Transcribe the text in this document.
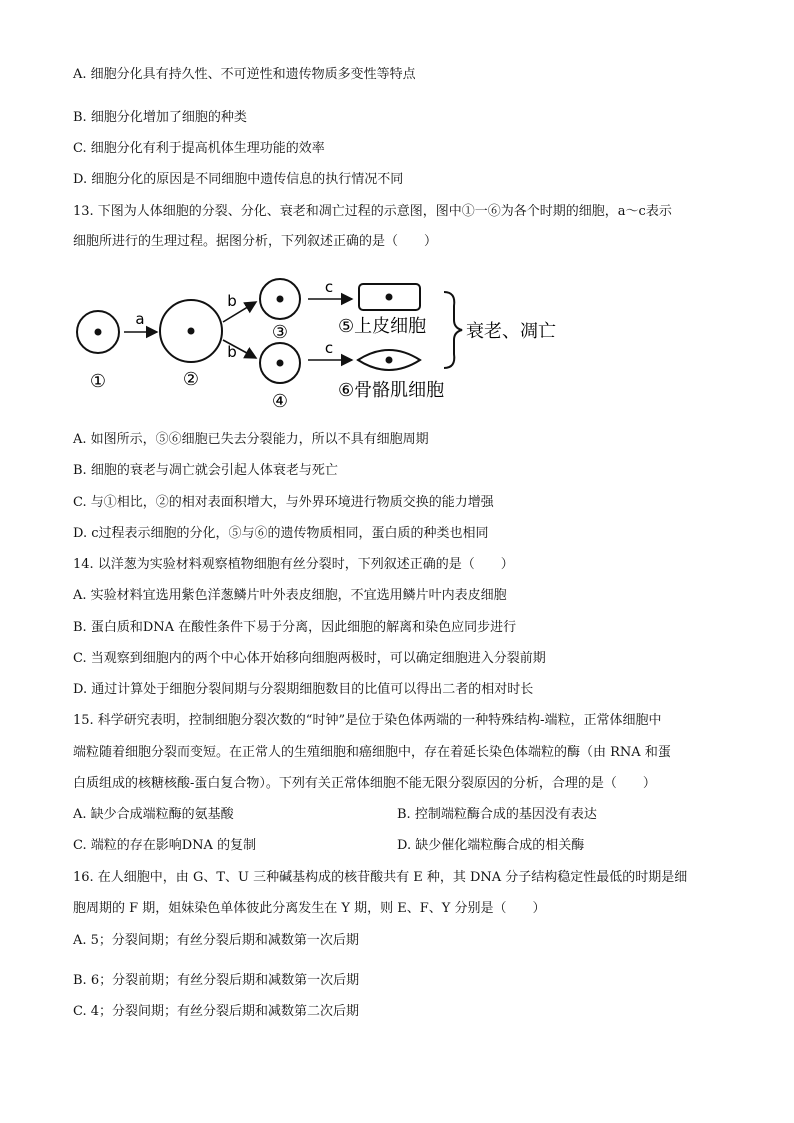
A. 细胞分化具有持久性、不可逆性和遗传物质多变性等特点
B. 细胞分化增加了细胞的种类
C. 细胞分化有利于提高机体生理功能的效率
D. 细胞分化的原因是不同细胞中遗传信息的执行情况不同
13. 下图为人体细胞的分裂、分化、衰老和凋亡过程的示意图，图中①一⑥为各个时期的细胞，a～c表示
细胞所进行的生理过程。据图分析，下列叙述正确的是（　　）
①
a
②
b
b
③
④
c
c
⑤上皮细胞
⑥骨骼肌细胞
衰老、凋亡
A. 如图所示，⑤⑥细胞已失去分裂能力，所以不具有细胞周期
B. 细胞的衰老与凋亡就会引起人体衰老与死亡
C. 与①相比，②的相对表面积增大，与外界环境进行物质交换的能力增强
D. c过程表示细胞的分化，⑤与⑥的遗传物质相同，蛋白质的种类也相同
14. 以洋葱为实验材料观察植物细胞有丝分裂时，下列叙述正确的是（　　）
A. 实验材料宜选用紫色洋葱鳞片叶外表皮细胞，不宜选用鳞片叶内表皮细胞
B. 蛋白质和DNA 在酸性条件下易于分离，因此细胞的解离和染色应同步进行
C. 当观察到细胞内的两个中心体开始移向细胞两极时，可以确定细胞进入分裂前期
D. 通过计算处于细胞分裂间期与分裂期细胞数目的比值可以得出二者的相对时长
15. 科学研究表明，控制细胞分裂次数的“时钟”是位于染色体两端的一种特殊结构-端粒，正常体细胞中
端粒随着细胞分裂而变短。在正常人的生殖细胞和癌细胞中，存在着延长染色体端粒的酶（由 RNA 和蛋
白质组成的核糖核酸-蛋白复合物）。下列有关正常体细胞不能无限分裂原因的分析，合理的是（　　）
A. 缺少合成端粒酶的氨基酸	B. 控制端粒酶合成的基因没有表达
C. 端粒的存在影响DNA 的复制	D. 缺少催化端粒酶合成的相关酶
16. 在人细胞中，由 G、T、U 三种碱基构成的核苷酸共有 E 种，其 DNA 分子结构稳定性最低的时期是细
胞周期的 F 期，姐妹染色单体彼此分离发生在 Y 期，则 E、F、Y 分别是（　　）
A. 5；分裂间期；有丝分裂后期和减数第一次后期
B. 6；分裂前期；有丝分裂后期和减数第一次后期
C. 4；分裂间期；有丝分裂后期和减数第二次后期
